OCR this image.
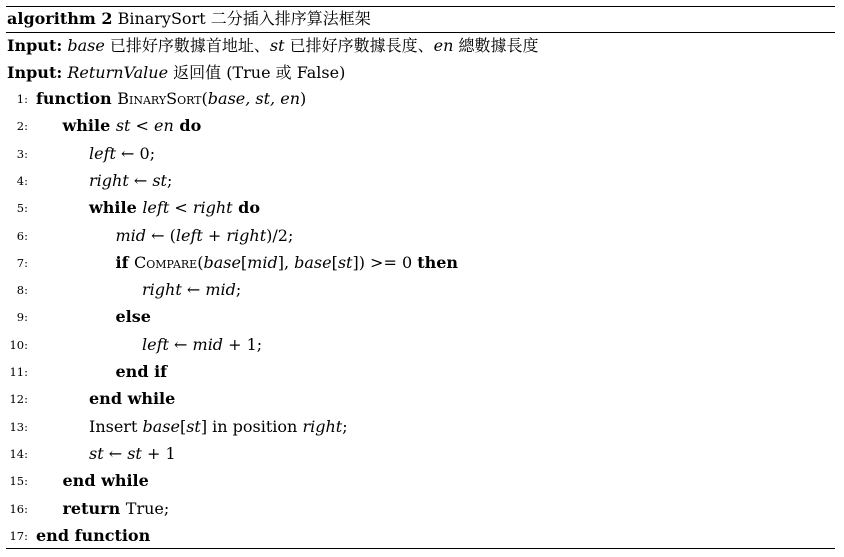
algorithm 2 BinarySort 二分插入排序算法框架
Input: base 已排好序數據首地址、st 已排好序數據長度、en 總數據長度
Input: ReturnValue 返回值 (True 或 False)
1: function BinarySort(base, st, en)
2: while st < en do
3:	left ← 0;
4:	right ← st;
5:	while left < right do
6:	mid ← (left + right)/2;
7:	if Compare(base[mid], base[st]) >= 0 then
8:	right ← mid;
9:	else
10:	left ← mid + 1;
11:	end if
12:	end while
13:	Insert base[st] in position right;
14:	st ← st + 1
15: end while
16: return True;
17: end function
